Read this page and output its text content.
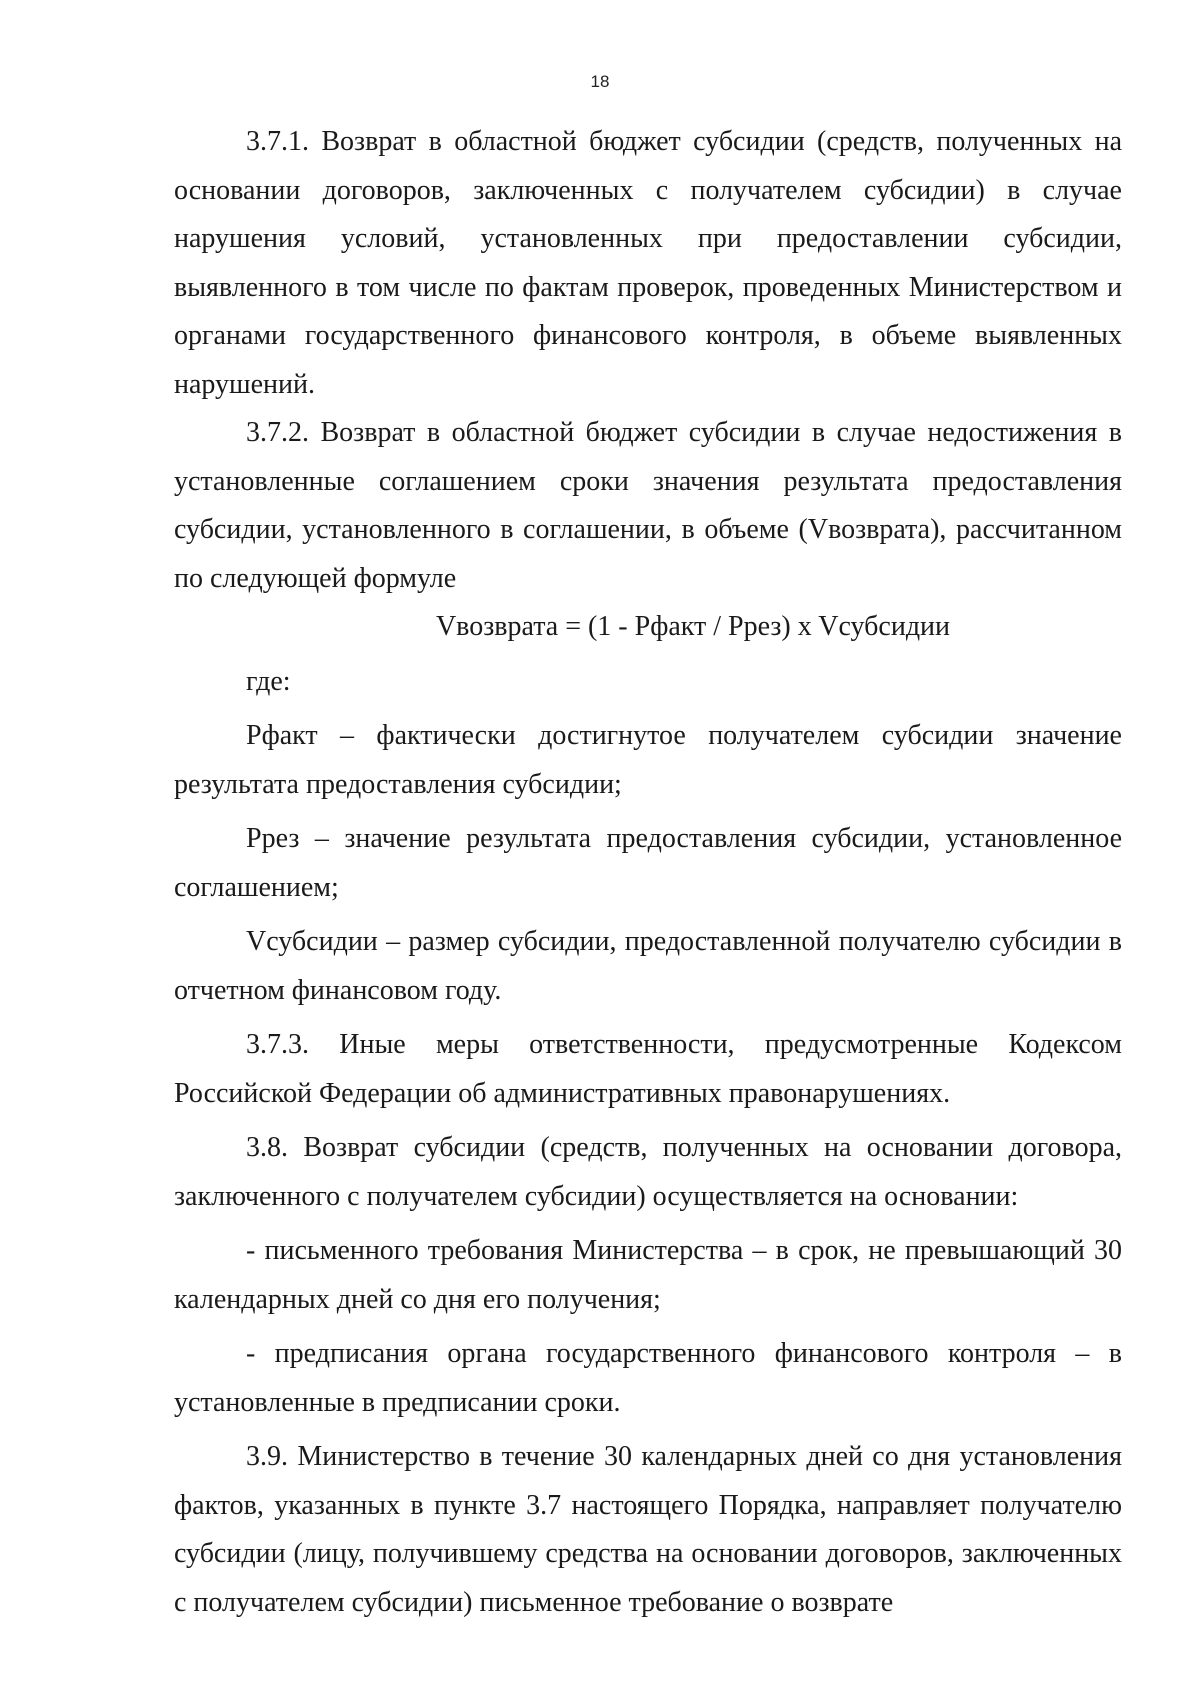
18

3.7.1. Возврат в областной бюджет субсидии (средств, полученных на основании договоров, заключенных с получателем субсидии) в случае нарушения условий, установленных при предоставлении субсидии, выявленного в том числе по фактам проверок, проведенных Министерством и органами государственного финансового контроля, в объеме выявленных нарушений.

3.7.2. Возврат в областной бюджет субсидии в случае недостижения в установленные соглашением сроки значения результата предоставления субсидии, установленного в соглашении, в объеме (Vвозврата), рассчитанном по следующей формуле

Vвозврата = (1 - Pфакт / Pрез) x Vсубсидии

где:

Pфакт – фактически достигнутое получателем субсидии значение результата предоставления субсидии;

Pрез – значение результата предоставления субсидии, установленное соглашением;

Vсубсидии – размер субсидии, предоставленной получателю субсидии в отчетном финансовом году.

3.7.3. Иные меры ответственности, предусмотренные Кодексом Российской Федерации об административных правонарушениях.

3.8. Возврат субсидии (средств, полученных на основании договора, заключенного с получателем субсидии) осуществляется на основании:

- письменного требования Министерства – в срок, не превышающий 30 календарных дней со дня его получения;

- предписания органа государственного финансового контроля – в установленные в предписании сроки.

3.9. Министерство в течение 30 календарных дней со дня установления фактов, указанных в пункте 3.7 настоящего Порядка, направляет получателю субсидии (лицу, получившему средства на основании договоров, заключенных с получателем субсидии) письменное требование о возврате
